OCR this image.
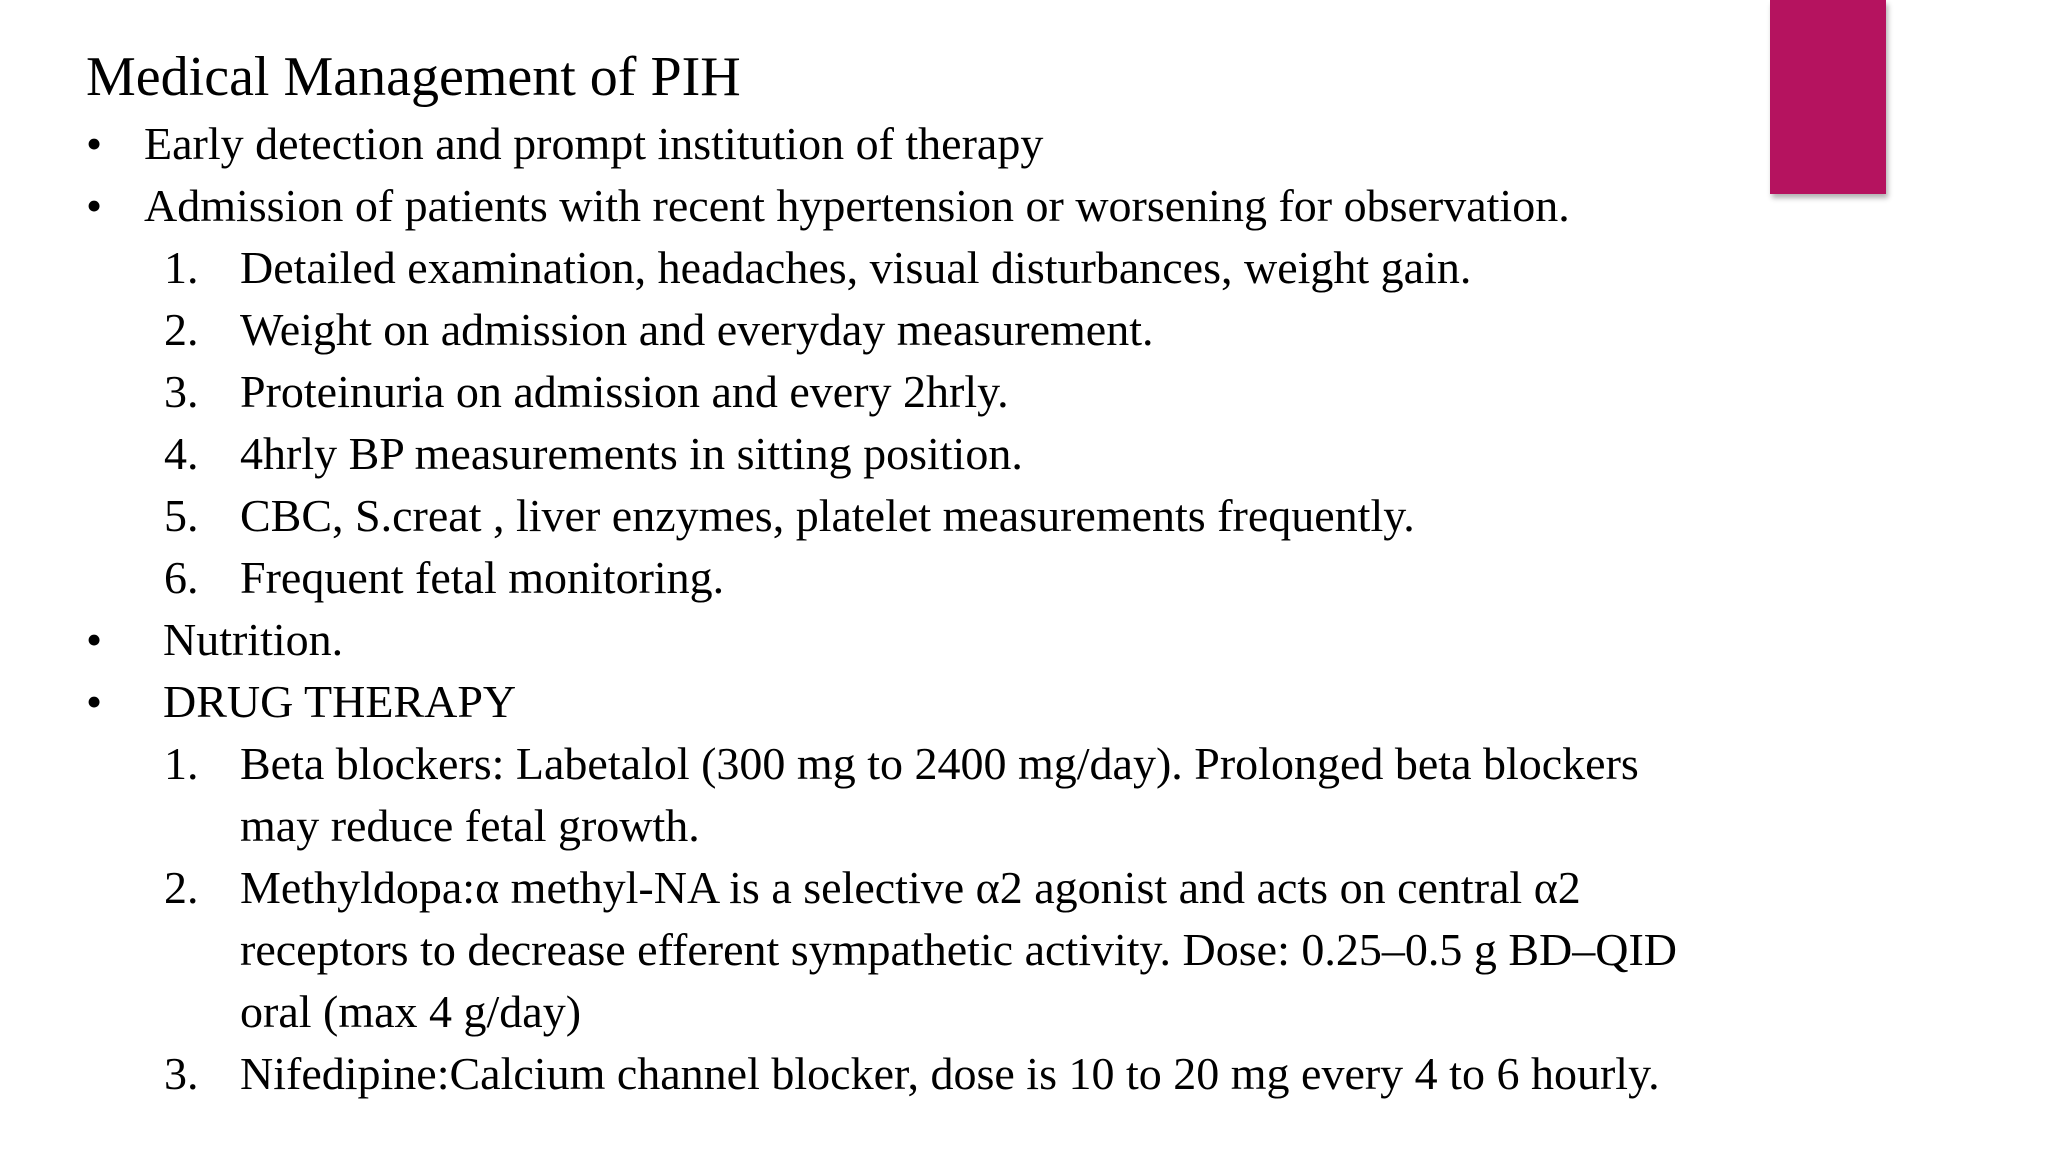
Medical Management of PIH
• Early detection and prompt institution of therapy
• Admission of patients with recent hypertension or worsening for observation.
1. Detailed examination, headaches, visual disturbances, weight gain.
2. Weight on admission and everyday measurement.
3. Proteinuria on admission and every 2hrly.
4. 4hrly BP measurements in sitting position.
5. CBC, S.creat , liver enzymes, platelet measurements frequently.
6. Frequent fetal monitoring.
• Nutrition.
• DRUG THERAPY
1. Beta blockers: Labetalol (300 mg to 2400 mg/day). Prolonged beta blockers
may reduce fetal growth.
2. Methyldopa:α methyl-NA is a selective α2 agonist and acts on central α2
receptors to decrease efferent sympathetic activity. Dose: 0.25–0.5 g BD–QID
oral (max 4 g/day)
3. Nifedipine:Calcium channel blocker, dose is 10 to 20 mg every 4 to 6 hourly.
